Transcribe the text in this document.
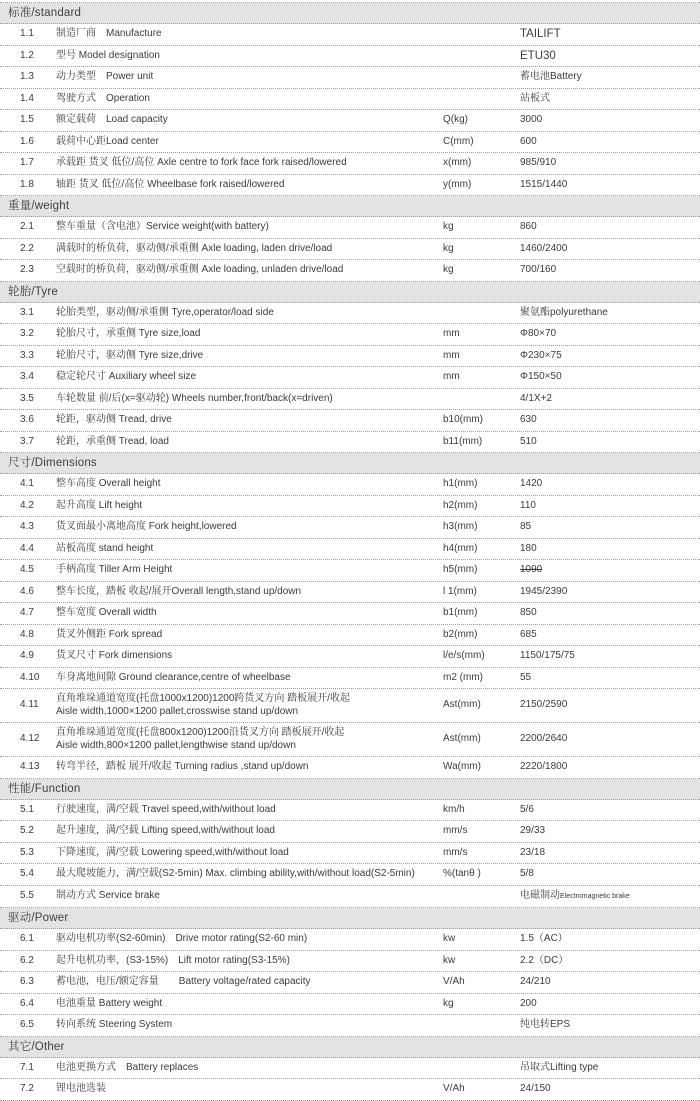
标准/standard
1.1	制造厂商　Manufacture	TAILIFT
1.2	型号 Model designation	ETU30
1.3	动力类型　Power unit	蓄电池Battery
1.4	驾驶方式　Operation	站板式
1.5	额定载荷　Load capacity	Q(kg)	3000
1.6	载荷中心距Load center	C(mm)	600
1.7	承载距 货叉 低位/高位 Axle centre to fork face fork raised/lowered	x(mm)	985/910
1.8	轴距 货叉 低位/高位 Wheelbase fork raised/lowered	y(mm)	1515/1440
重量/weight
2.1	整车重量（含电池）Service weight(with battery)	kg	860
2.2	满载时的桥负荷，驱动侧/承重侧 Axle loading, laden drive/load	kg	1460/2400
2.3	空载时的桥负荷，驱动侧/承重侧 Axle loading, unladen drive/load	kg	700/160
轮胎/Tyre
3.1	轮胎类型，驱动侧/承重侧 Tyre,operator/load side	聚氨酯polyurethane
3.2	轮胎尺寸，承重侧 Tyre size,load	mm	Φ80×70
3.3	轮胎尺寸，驱动侧 Tyre size,drive	mm	Φ230×75
3.4	稳定轮尺寸 Auxiliary wheel size	mm	Φ150×50
3.5	车轮数量 前/后(x=驱动轮) Wheels number,front/back(x=driven)	4/1X+2
3.6	轮距，驱动侧 Tread, drive	b10(mm)	630
3.7	轮距，承重侧 Tread, load	b11(mm)	510
尺寸/Dimensions
4.1	整车高度 Overall height	h1(mm)	1420
4.2	起升高度 Lift height	h2(mm)	110
4.3	货叉面最小离地高度 Fork height,lowered	h3(mm)	85
4.4	站板高度 stand height	h4(mm)	180
4.5	手柄高度 Tiller Arm Height	h5(mm)	1090
4.6	整车长度，踏板 收起/展开Overall length,stand up/down	l 1(mm)	1945/2390
4.7	整车宽度 Overall width	b1(mm)	850
4.8	货叉外侧距 Fork spread	b2(mm)	685
4.9	货叉尺寸 Fork dimensions	l/e/s(mm)	1150/175/75
4.10	车身离地间隙 Ground clearance,centre of wheelbase	m2 (mm)	55
4.11
直角堆垛通道宽度(托盘1000x1200)1200跨货叉方向 踏板展开/收起
Aisle width,1000×1200 pallet,crosswise stand up/down
Ast(mm)	2150/2590
4.12
直角堆垛通道宽度(托盘800x1200)1200沿货叉方向 踏板展开/收起
Aisle width,800×1200 pallet,lengthwise stand up/down
Ast(mm)	2200/2640
4.13	转弯半径，踏板 展开/收起 Turning radius ,stand up/down	Wa(mm)	2220/1800
性能/Function
5.1	行驶速度，满/空载 Travel speed,with/without load	km/h	5/6
5.2	起升速度，满/空载 Lifting speed,with/without load	mm/s	29/33
5.3	下降速度，满/空载 Lowering speed,with/without load	mm/s	23/18
5.4	最大爬坡能力，满/空载(S2-5min) Max. climbing ability,with/without load(S2-5min)	%(tanθ )	5/8
5.5	制动方式 Service brake	电磁制动Electromagnetic brake
驱动/Power
6.1	驱动电机功率(S2-60min)　Drive motor rating(S2-60 min)	kw	1.5（AC）
6.2	起升电机功率，(S3-15%)　Lift motor rating(S3-15%)	kw	2.2（DC）
6.3	蓄电池，电压/额定容量　　Battery voltage/rated capacity	V/Ah	24/210
6.4	电池重量 Battery weight	kg	200
6.5	转向系统 Steering System	纯电转EPS
其它/Other
7.1	电池更换方式　Battery replaces	吊取式Lifting type
7.2	锂电池选装	V/Ah	24/150
